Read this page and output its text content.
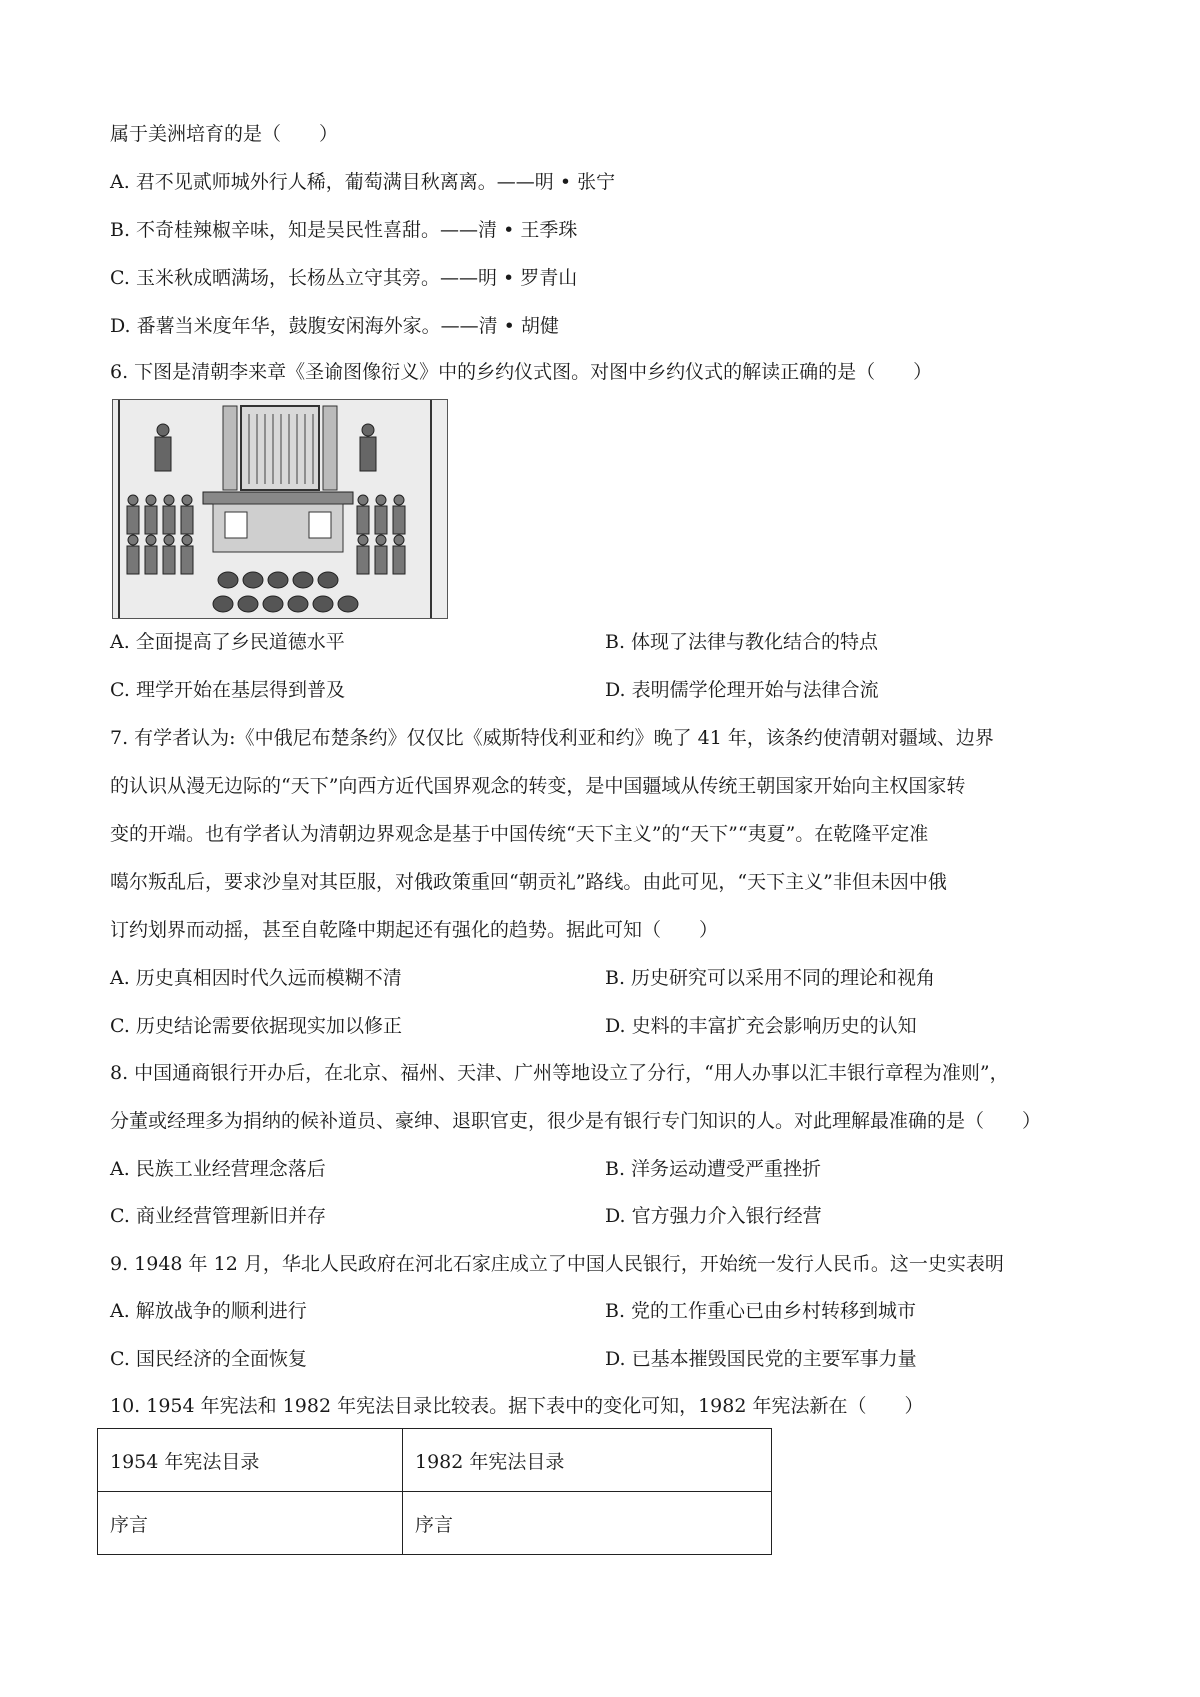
属于美洲培育的是（　　）
A. 君不见贰师城外行人稀，葡萄满目秋离离。——明 • 张宁
B. 不奇桂辣椒辛味，知是吴民性喜甜。——清 • 王季珠
C. 玉米秋成晒满场，长杨丛立守其旁。——明 • 罗青山
D. 番薯当米度年华，鼓腹安闲海外家。——清 • 胡健
6. 下图是清朝李来章《圣谕图像衍义》中的乡约仪式图。对图中乡约仪式的解读正确的是（　　）
A. 全面提高了乡民道德水平	B. 体现了法律与教化结合的特点
C. 理学开始在基层得到普及	D. 表明儒学伦理开始与法律合流
7. 有学者认为:《中俄尼布楚条约》仅仅比《威斯特伐利亚和约》晚了 41 年，该条约使清朝对疆域、边界
的认识从漫无边际的“天下”向西方近代国界观念的转变，是中国疆域从传统王朝国家开始向主权国家转
变的开端。也有学者认为清朝边界观念是基于中国传统“天下主义”的“天下”“夷夏”。在乾隆平定准
噶尔叛乱后，要求沙皇对其臣服，对俄政策重回“朝贡礼”路线。由此可见，“天下主义”非但未因中俄
订约划界而动摇，甚至自乾隆中期起还有强化的趋势。据此可知（　　）
A. 历史真相因时代久远而模糊不清	B. 历史研究可以采用不同的理论和视角
C. 历史结论需要依据现实加以修正	D. 史料的丰富扩充会影响历史的认知
8. 中国通商银行开办后，在北京、福州、天津、广州等地设立了分行，“用人办事以汇丰银行章程为准则”，
分董或经理多为捐纳的候补道员、豪绅、退职官吏，很少是有银行专门知识的人。对此理解最准确的是（　　）
A. 民族工业经营理念落后	B. 洋务运动遭受严重挫折
C. 商业经营管理新旧并存	D. 官方强力介入银行经营
9. 1948 年 12 月，华北人民政府在河北石家庄成立了中国人民银行，开始统一发行人民币。这一史实表明
A. 解放战争的顺利进行	B. 党的工作重心已由乡村转移到城市
C. 国民经济的全面恢复	D. 已基本摧毁国民党的主要军事力量
10. 1954 年宪法和 1982 年宪法目录比较表。据下表中的变化可知，1982 年宪法新在（　　）
1954 年宪法目录	1982 年宪法目录
序言	序言
